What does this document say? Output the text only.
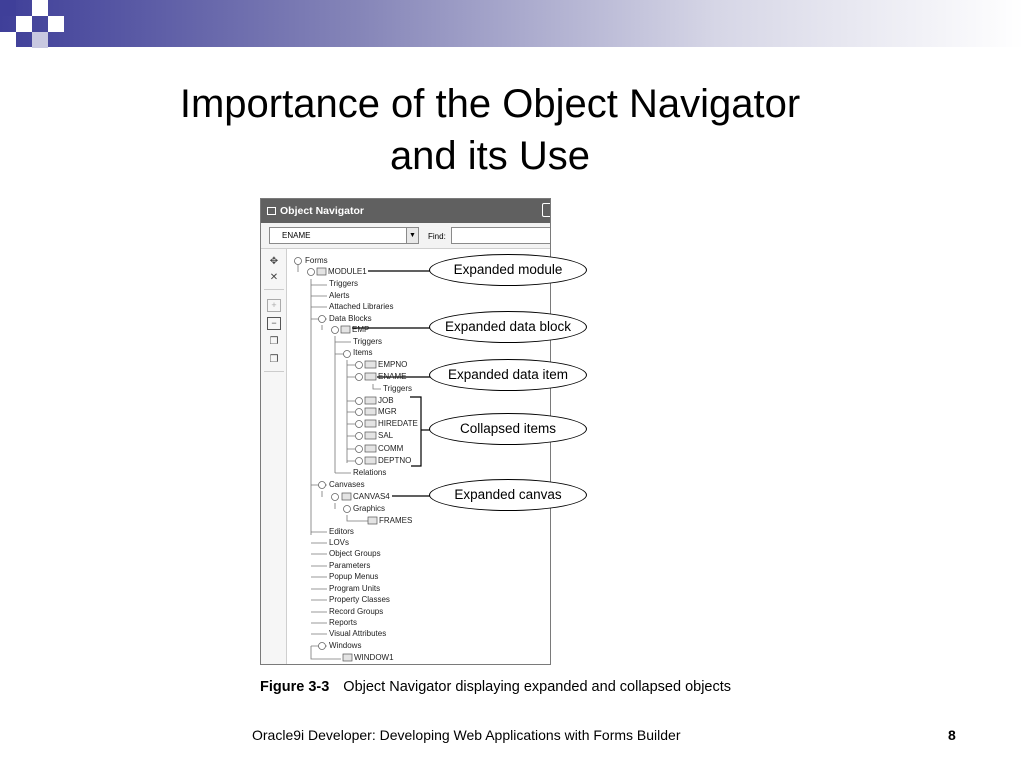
Importance of the Object Navigator
and its Use
Object Navigator
ENAME	▼ Find:
✥
✕
+
−
❐
❐
Forms
MODULE1
Triggers
Alerts
Attached Libraries
Data Blocks
EMP
Triggers
Items
EMPNO
ENAME
Triggers
JOB
MGR
HIREDATE
SAL
COMM
DEPTNO
Relations
Canvases
CANVAS4
Graphics
FRAMES
Editors
LOVs
Object Groups
Parameters
Popup Menus
Program Units
Property Classes
Record Groups
Reports
Visual Attributes
Windows
WINDOW1
Expanded module
Expanded data block
Expanded data item
Collapsed items
Expanded canvas
Figure 3-3 Object Navigator displaying expanded and collapsed objects
Oracle9i Developer: Developing Web Applications with Forms Builder	8
